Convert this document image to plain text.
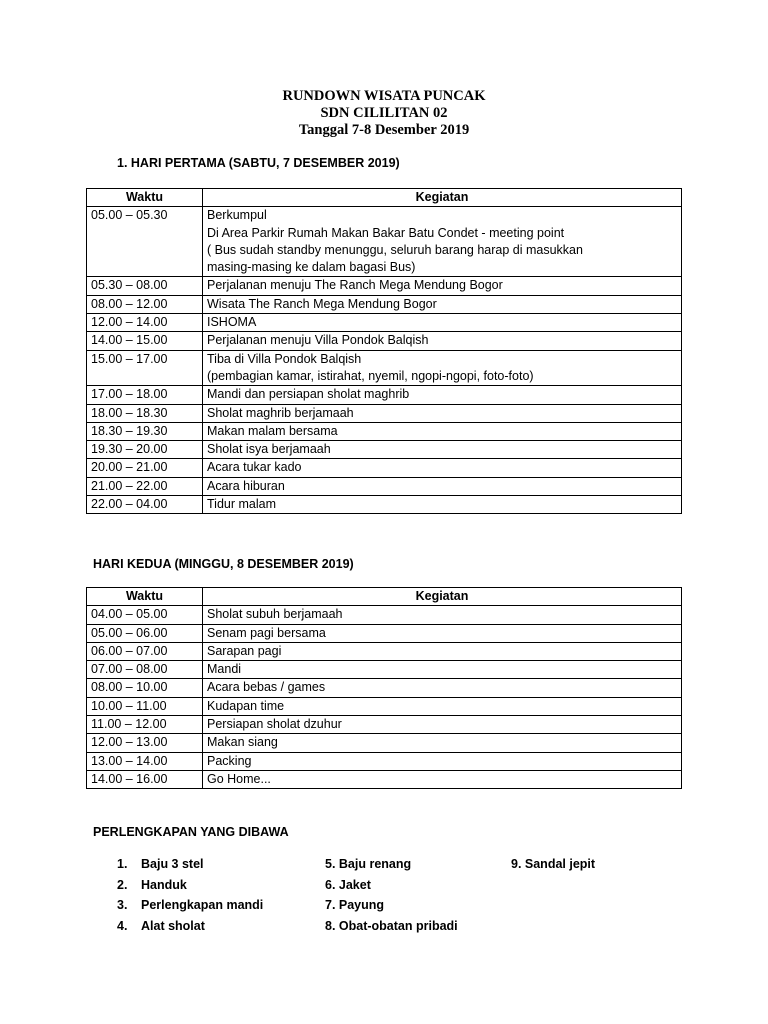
RUNDOWN WISATA PUNCAK
SDN CILILITAN 02
Tanggal 7-8 Desember 2019
1. HARI PERTAMA (SABTU, 7 DESEMBER 2019)
Waktu	Kegiatan
05.00 – 05.30	Berkumpul
Di Area Parkir Rumah Makan Bakar Batu Condet - meeting point
( Bus sudah standby menunggu, seluruh barang harap di masukkan
masing-masing ke dalam bagasi Bus)

05.30 – 08.00	Perjalanan menuju The Ranch Mega Mendung Bogor

08.00 – 12.00	Wisata The Ranch Mega Mendung Bogor

12.00 – 14.00	ISHOMA

14.00 – 15.00	Perjalanan menuju Villa Pondok Balqish

15.00 – 17.00	Tiba di Villa Pondok Balqish
(pembagian kamar, istirahat, nyemil, ngopi-ngopi, foto-foto)

17.00 – 18.00	Mandi dan persiapan sholat maghrib

18.00 – 18.30	Sholat maghrib berjamaah

18.30 – 19.30	Makan malam bersama

19.30 – 20.00	Sholat isya berjamaah

20.00 – 21.00	Acara tukar kado

21.00 – 22.00	Acara hiburan

22.00 – 04.00	Tidur malam
HARI KEDUA (MINGGU, 8 DESEMBER 2019)
Waktu	Kegiatan
04.00 – 05.00	Sholat subuh berjamaah

05.00 – 06.00	Senam pagi bersama

06.00 – 07.00	Sarapan pagi

07.00 – 08.00	Mandi

08.00 – 10.00	Acara bebas / games

10.00 – 11.00	Kudapan time

11.00 – 12.00	Persiapan sholat dzuhur

12.00 – 13.00	Makan siang

13.00 – 14.00	Packing

14.00 – 16.00	Go Home...
PERLENGKAPAN YANG DIBAWA
1. Baju 3 stel
2. Handuk
3. Perlengkapan mandi
4. Alat sholat
5. Baju renang
6. Jaket
7. Payung
8. Obat-obatan pribadi
9. Sandal jepit
